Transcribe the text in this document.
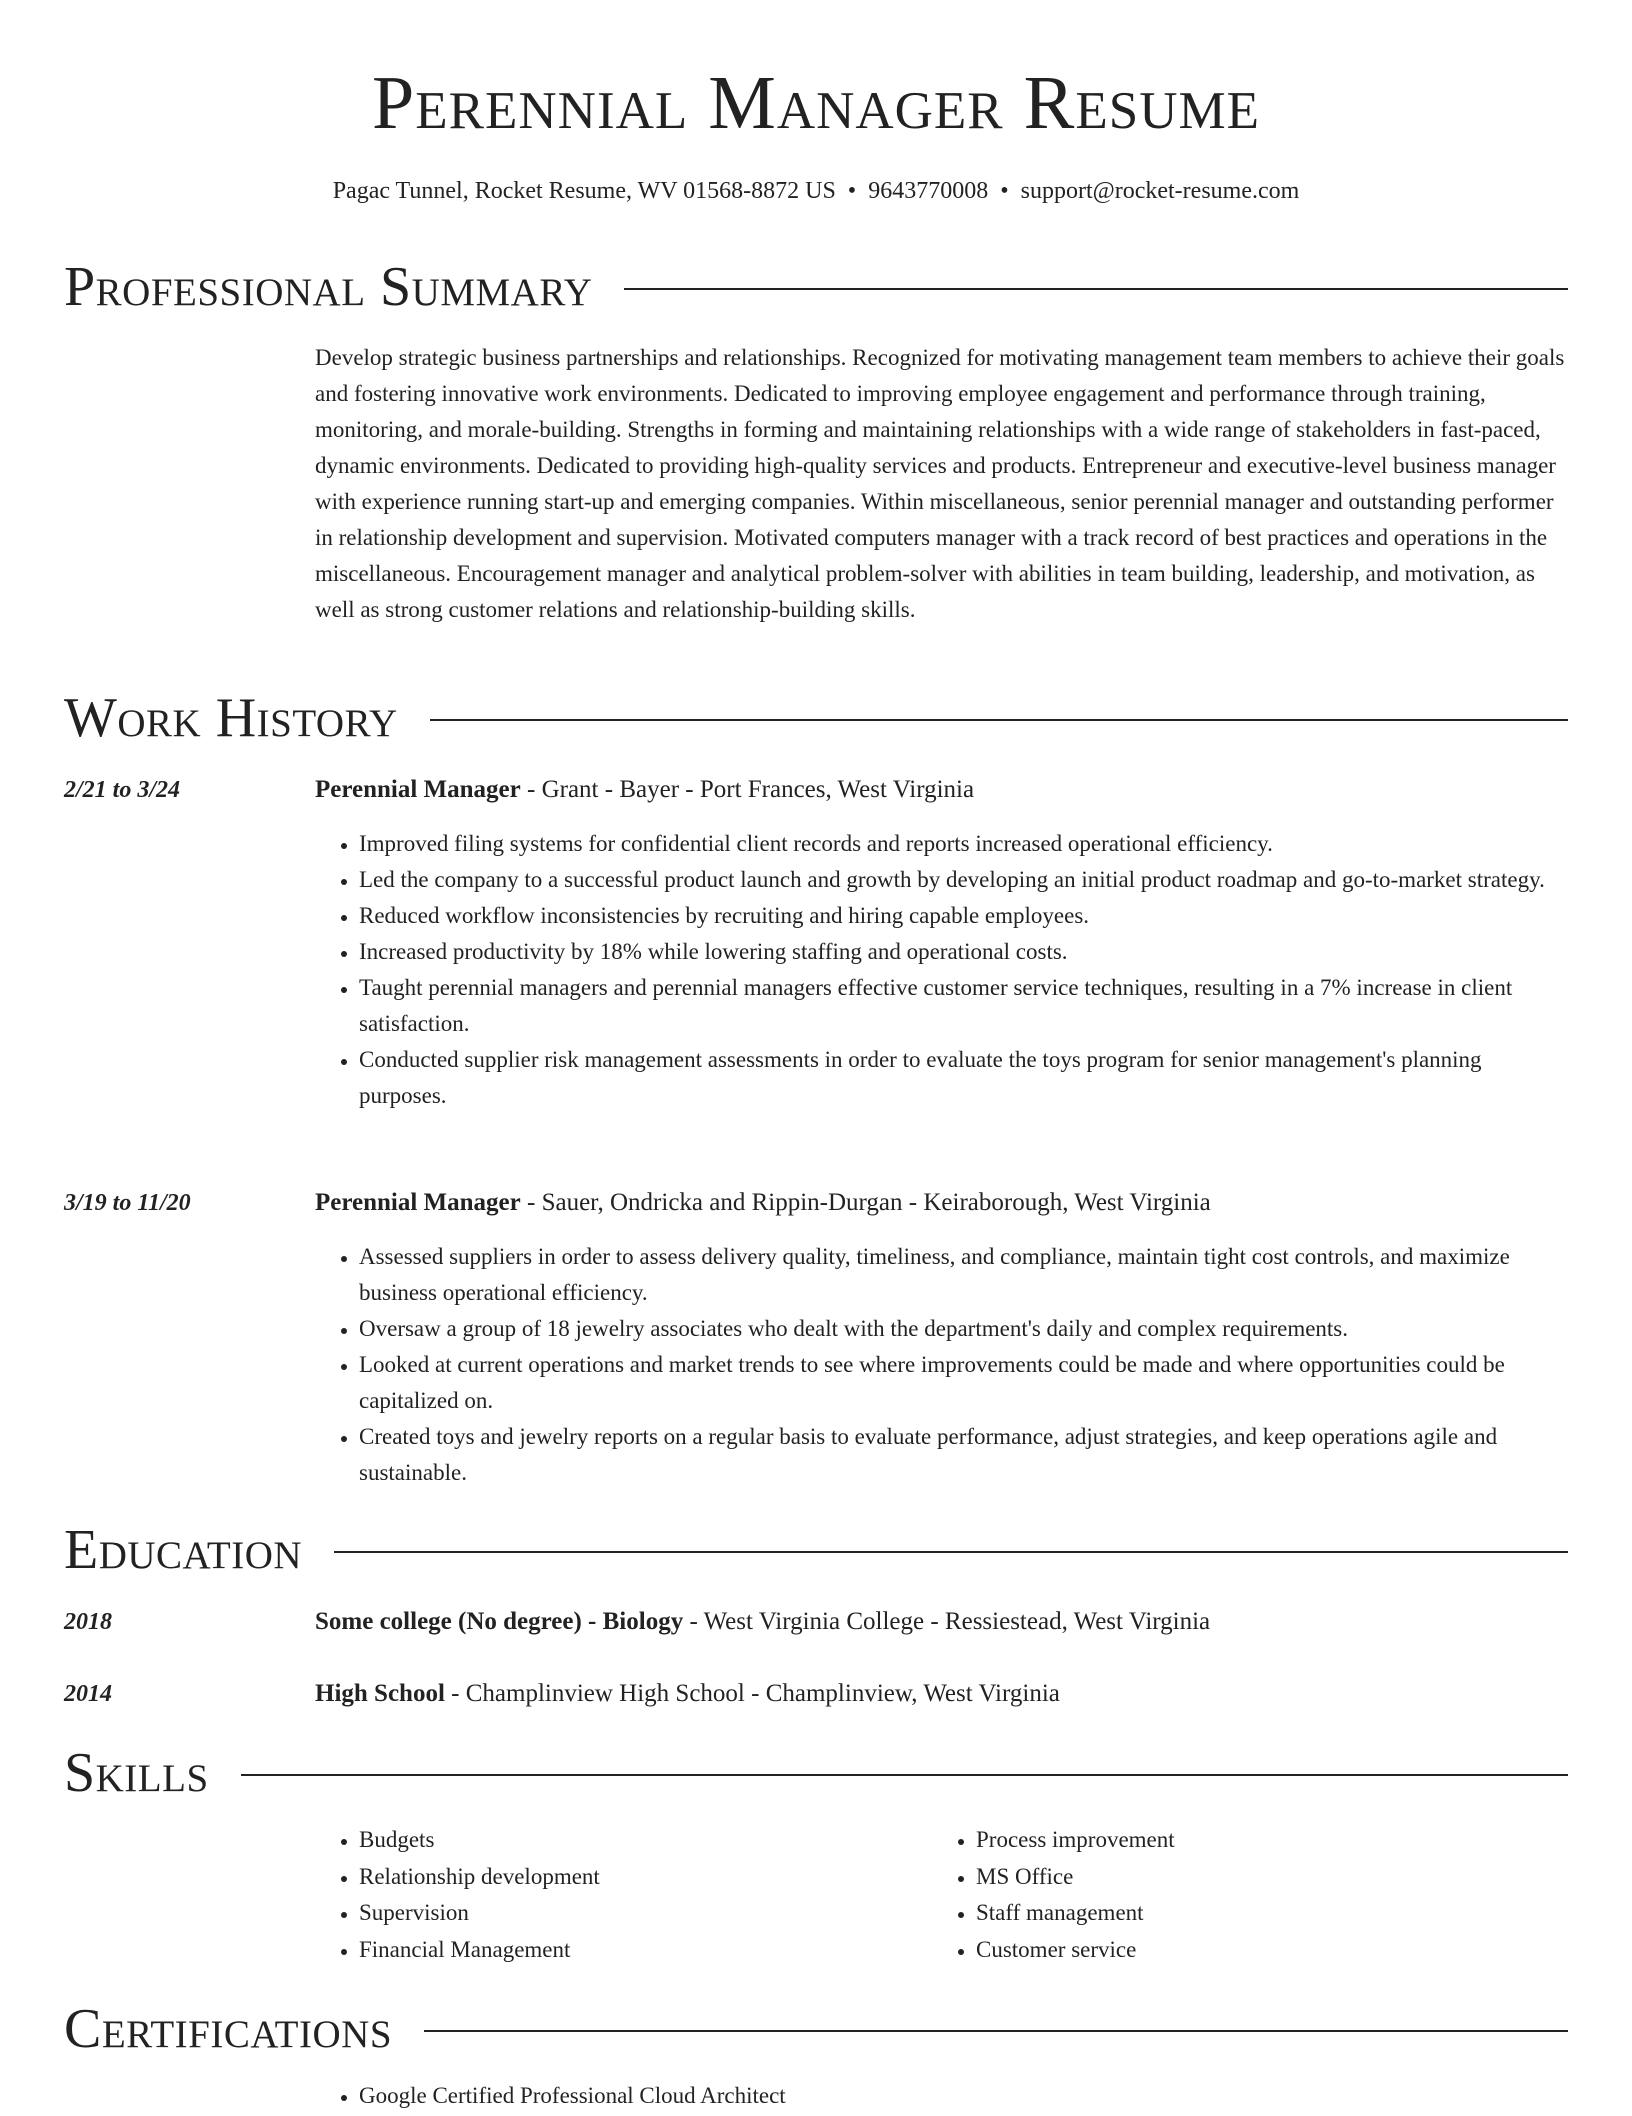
Perennial Manager Resume
Pagac Tunnel, Rocket Resume, WV 01568-8872 US • 9643770008 • support@rocket-resume.com
Professional Summary

Develop strategic business partnerships and relationships. Recognized for motivating management team members to achieve their goals and fostering innovative work environments. Dedicated to improving employee engagement and performance through training, monitoring, and morale-building. Strengths in forming and maintaining relationships with a wide range of stakeholders in fast-paced, dynamic environments. Dedicated to providing high-quality services and products. Entrepreneur and executive-level business manager with experience running start-up and emerging companies. Within miscellaneous, senior perennial manager and outstanding performer in relationship development and supervision. Motivated computers manager with a track record of best practices and operations in the miscellaneous. Encouragement manager and analytical problem-solver with abilities in team building, leadership, and motivation, as well as strong customer relations and relationship-building skills.

Work History
2/21 to 3/24	Perennial Manager - Grant - Bayer - Port Frances, West Virginia
• Improved filing systems for confidential client records and reports increased operational efficiency.
• Led the company to a successful product launch and growth by developing an initial product roadmap and go-to-market strategy.
• Reduced workflow inconsistencies by recruiting and hiring capable employees.
• Increased productivity by 18% while lowering staffing and operational costs.
• Taught perennial managers and perennial managers effective customer service techniques, resulting in a 7% increase in client satisfaction.
• Conducted supplier risk management assessments in order to evaluate the toys program for senior management's planning purposes.
3/19 to 11/20	Perennial Manager - Sauer, Ondricka and Rippin-Durgan - Keiraborough, West Virginia
• Assessed suppliers in order to assess delivery quality, timeliness, and compliance, maintain tight cost controls, and maximize business operational efficiency.
• Oversaw a group of 18 jewelry associates who dealt with the department's daily and complex requirements.
• Looked at current operations and market trends to see where improvements could be made and where opportunities could be capitalized on.
• Created toys and jewelry reports on a regular basis to evaluate performance, adjust strategies, and keep operations agile and sustainable.
Education
2018	Some college (No degree) - Biology - West Virginia College - Ressiestead, West Virginia
2014	High School - Champlinview High School - Champlinview, West Virginia
Skills
• Budgets
• Relationship development
• Supervision
• Financial Management
• Process improvement
• MS Office
• Staff management
• Customer service
Certifications
• Google Certified Professional Cloud Architect
